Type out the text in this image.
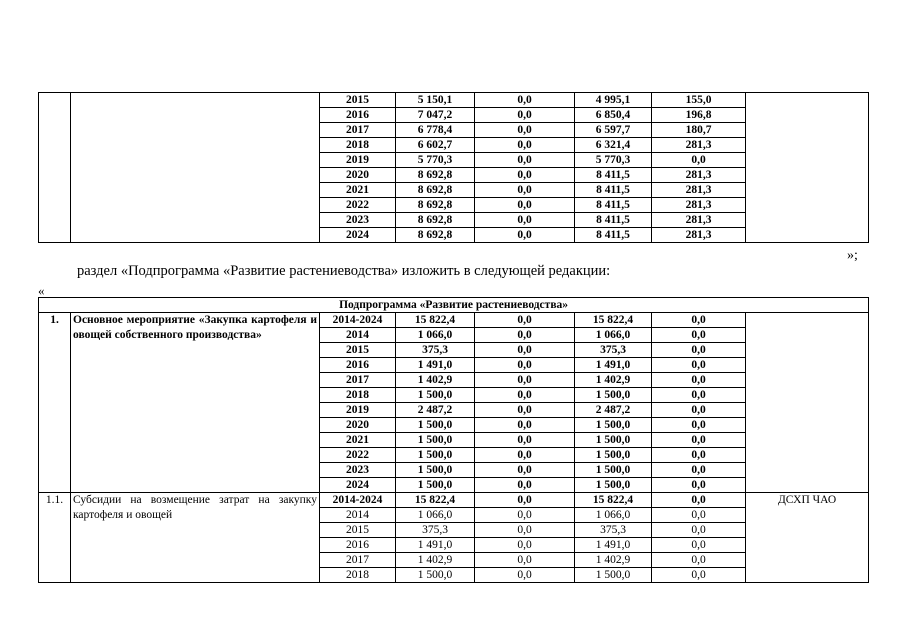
		2015	5 150,1	0,0	4 995,1	155,0	
		2016	7 047,2	0,0	6 850,4	196,8	
		2017	6 778,4	0,0	6 597,7	180,7	
		2018	6 602,7	0,0	6 321,4	281,3	
		2019	5 770,3	0,0	5 770,3	0,0	
		2020	8 692,8	0,0	8 411,5	281,3	
		2021	8 692,8	0,0	8 411,5	281,3	
		2022	8 692,8	0,0	8 411,5	281,3	
		2023	8 692,8	0,0	8 411,5	281,3	
		2024	8 692,8	0,0	8 411,5	281,3	
»;
раздел «Подпрограмма «Развитие растениеводства» изложить в следующей редакции:
«
Подпрограмма «Развитие растениеводства»							
1.	Основное мероприятие «Закупка картофеля и овощей собственного производства»	2014-2024	15 822,4	0,0	15 822,4	0,0	
		2014	1 066,0	0,0	1 066,0	0,0	
		2015	375,3	0,0	375,3	0,0	
		2016	1 491,0	0,0	1 491,0	0,0	
		2017	1 402,9	0,0	1 402,9	0,0	
		2018	1 500,0	0,0	1 500,0	0,0	
		2019	2 487,2	0,0	2 487,2	0,0	
		2020	1 500,0	0,0	1 500,0	0,0	
		2021	1 500,0	0,0	1 500,0	0,0	
		2022	1 500,0	0,0	1 500,0	0,0	
		2023	1 500,0	0,0	1 500,0	0,0	
		2024	1 500,0	0,0	1 500,0	0,0	
1.1.	Субсидии на возмещение затрат на закупку картофеля и овощей	2014-2024	15 822,4	0,0	15 822,4	0,0	ДСХП ЧАО
		2014	1 066,0	0,0	1 066,0	0,0	
		2015	375,3	0,0	375,3	0,0	
		2016	1 491,0	0,0	1 491,0	0,0	
		2017	1 402,9	0,0	1 402,9	0,0	
		2018	1 500,0	0,0	1 500,0	0,0	
